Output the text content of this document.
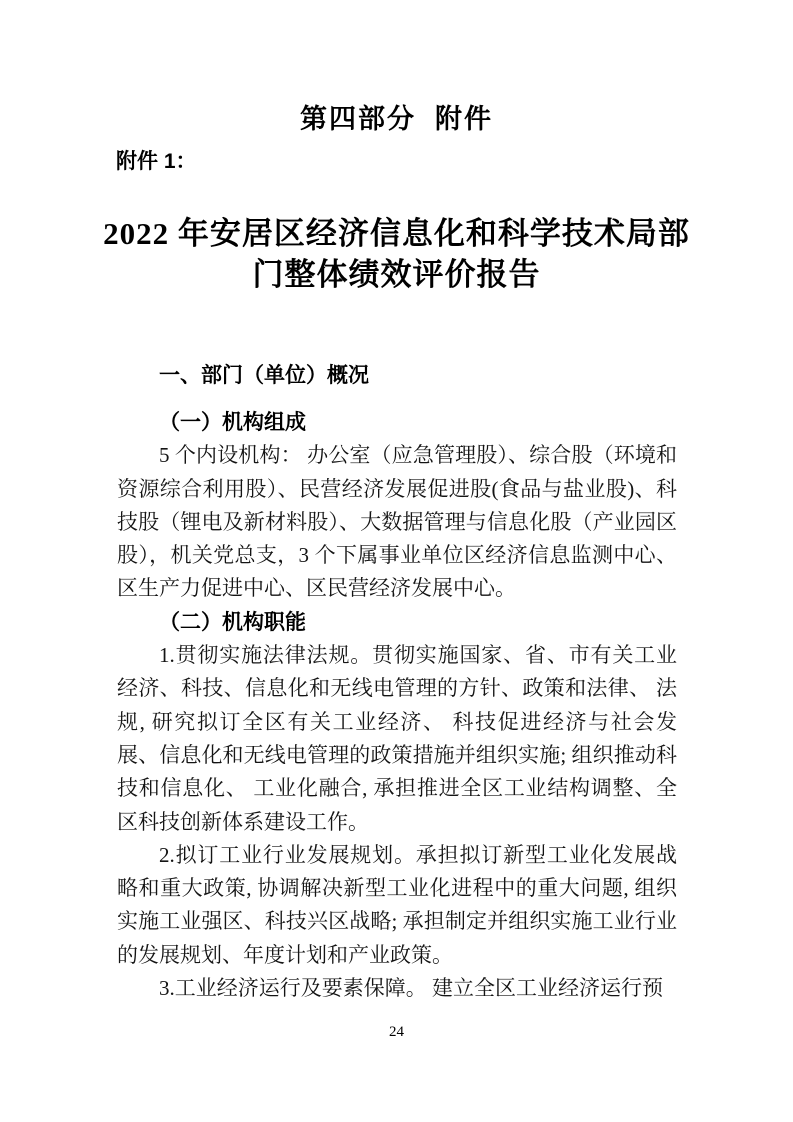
第四部分  附件
附件 1：
2022 年安居区经济信息化和科学技术局部
门整体绩效评价报告
一、部门（单位）概况

（一）机构组成

5 个内设机构： 办公室（应急管理股）、综合股（环境和资源综合利用股）、民营经济发展促进股(食品与盐业股)、科技股（锂电及新材料股）、大数据管理与信息化股（产业园区股），机关党总支，3 个下属事业单位区经济信息监测中心、区生产力促进中心、区民营经济发展中心。

（二）机构职能

1.贯彻实施法律法规。贯彻实施国家、省、市有关工业经济、科技、信息化和无线电管理的方针、政策和法律、 法规, 研究拟订全区有关工业经济、 科技促进经济与社会发展、信息化和无线电管理的政策措施并组织实施; 组织推动科技和信息化、 工业化融合, 承担推进全区工业结构调整、全区科技创新体系建设工作。

2.拟订工业行业发展规划。承担拟订新型工业化发展战略和重大政策, 协调解决新型工业化进程中的重大问题, 组织实施工业强区、科技兴区战略; 承担制定并组织实施工业行业的发展规划、年度计划和产业政策。

3.工业经济运行及要素保障。 建立全区工业经济运行预

24
